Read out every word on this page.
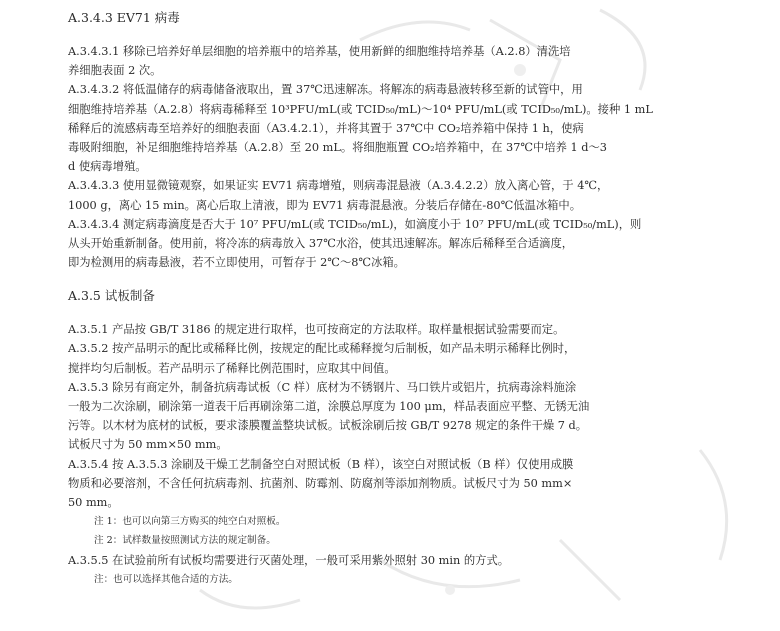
A.3.4.3 EV71 病毒
A.3.4.3.1 移除已培养好单层细胞的培养瓶中的培养基，使用新鲜的细胞维持培养基（A.2.8）清洗培
养细胞表面 2 次。
A.3.4.3.2 将低温储存的病毒储备液取出，置 37℃迅速解冻。将解冻的病毒悬液转移至新的试管中，用
细胞维持培养基（A.2.8）将病毒稀释至 10³PFU/mL(或 TCID₅₀/mL)～10⁴ PFU/mL(或 TCID₅₀/mL)。接种 1 mL
稀释后的流感病毒至培养好的细胞表面（A3.4.2.1），并将其置于 37℃中 CO₂培养箱中保持 1 h，使病
毒吸附细胞，补足细胞维持培养基（A.2.8）至 20 mL。将细胞瓶置 CO₂培养箱中，在 37℃中培养 1 d～3
d 使病毒增殖。
A.3.4.3.3 使用显微镜观察，如果证实 EV71 病毒增殖，则病毒混悬液（A.3.4.2.2）放入离心管，于 4℃，
1000 g，离心 15 min。离心后取上清液，即为 EV71 病毒混悬液。分装后存储在-80℃低温冰箱中。
A.3.4.3.4 测定病毒滴度是否大于 10⁷ PFU/mL(或 TCID₅₀/mL)，如滴度小于 10⁷ PFU/mL(或 TCID₅₀/mL)，则
从头开始重新制备。使用前，将冷冻的病毒放入 37℃水浴，使其迅速解冻。解冻后稀释至合适滴度，
即为检测用的病毒悬液，若不立即使用，可暂存于 2℃～8℃冰箱。
A.3.5 试板制备
A.3.5.1 产品按 GB/T 3186 的规定进行取样，也可按商定的方法取样。取样量根据试验需要而定。
A.3.5.2 按产品明示的配比或稀释比例，按规定的配比或稀释搅匀后制板，如产品未明示稀释比例时，
搅拌均匀后制板。若产品明示了稀释比例范围时，应取其中间值。
A.3.5.3 除另有商定外，制备抗病毒试板（C 样）底材为不锈钢片、马口铁片或铝片，抗病毒涂料施涂
一般为二次涂刷，刷涂第一道表干后再刷涂第二道，涂膜总厚度为 100 μm，样品表面应平整、无锈无油
污等。以木材为底材的试板，要求漆膜覆盖整块试板。试板涂刷后按 GB/T 9278 规定的条件干燥 7 d。
试板尺寸为 50 mm×50 mm。
A.3.5.4 按 A.3.5.3 涂刷及干燥工艺制备空白对照试板（B 样），该空白对照试板（B 样）仅使用成膜
物质和必要溶剂，不含任何抗病毒剂、抗菌剂、防霉剂、防腐剂等添加剂物质。试板尺寸为 50 mm×
50 mm。
注 1：也可以向第三方购买的纯空白对照板。
注 2：试样数量按照测试方法的规定制备。
A.3.5.5 在试验前所有试板均需要进行灭菌处理，一般可采用紫外照射 30 min 的方式。
注：也可以选择其他合适的方法。
